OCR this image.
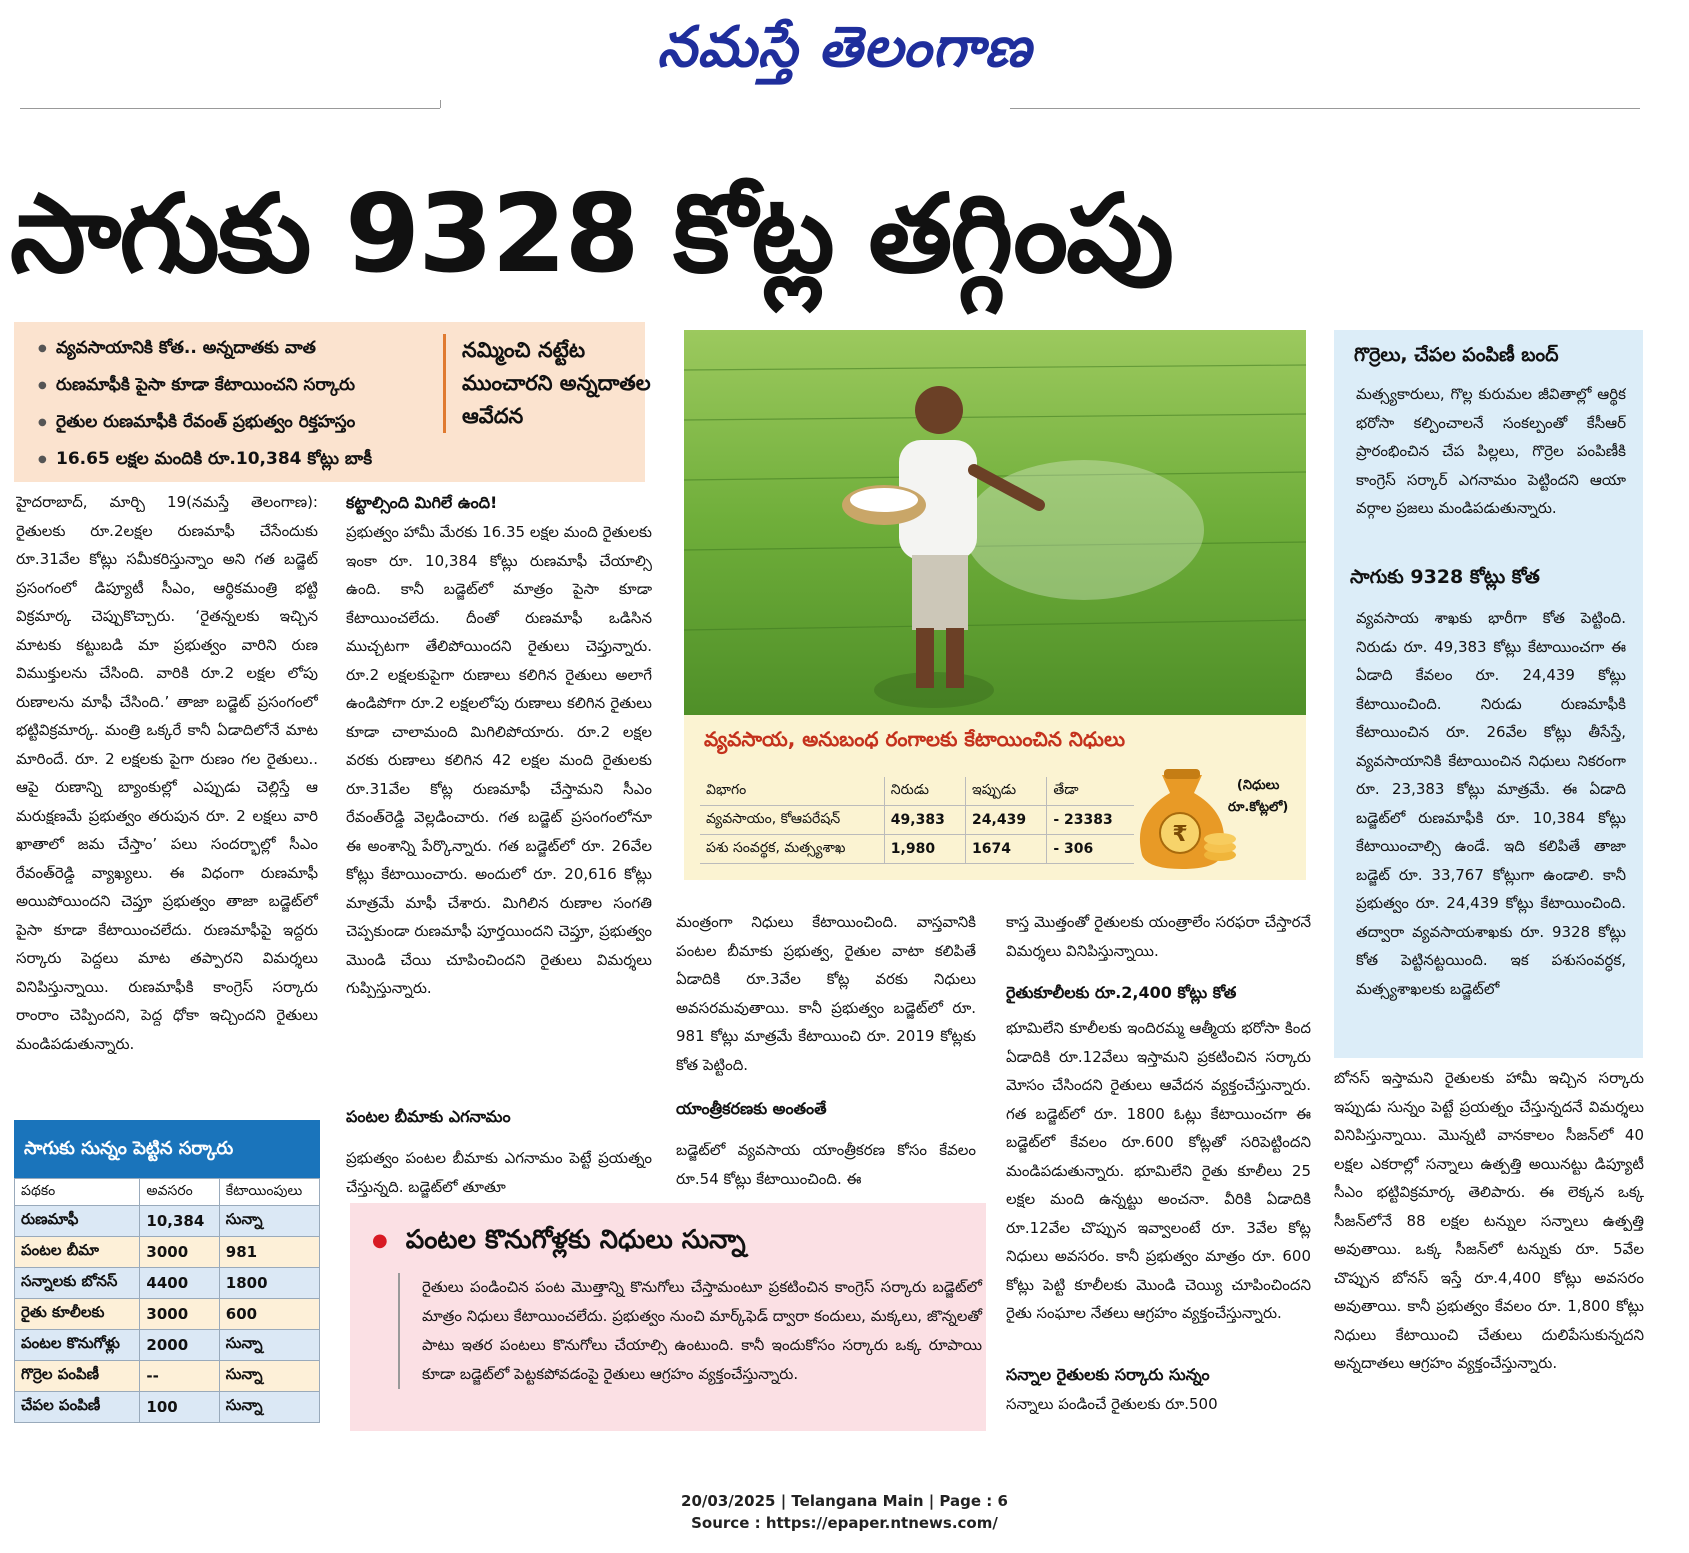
నమస్తే తెలంగాణ
సాగుకు 9328 కోట్ల తగ్గింపు
● వ్యవసాయానికి కోత.. అన్నదాతకు వాత
● రుణమాఫీకి పైసా కూడా కేటాయించని సర్కారు
● రైతుల రుణమాఫీకి రేవంత్ ప్రభుత్వం రిక్తహస్తం
● 16.65 లక్షల మందికి రూ.10,384 కోట్లు బాకీ
నమ్మించి నట్టేట ముంచారని అన్నదాతల ఆవేదన
హైదరాబాద్, మార్చి 19(నమస్తే తెలంగాణ): రైతులకు రూ.2లక్షల రుణమాఫీ చేసేందుకు రూ.31వేల కోట్లు సమీకరిస్తున్నాం అని గత బడ్జెట్ ప్రసంగంలో డిప్యూటీ సీఎం, ఆర్థికమంత్రి భట్టి విక్రమార్క చెప్పుకొచ్చారు. ‘రైతన్నలకు ఇచ్చిన మాటకు కట్టుబడి మా ప్రభుత్వం వారిని రుణ విముక్తులను చేసింది. వారికి రూ.2 లక్షల లోపు రుణాలను మాఫీ చేసింది.’ తాజా బడ్జెట్ ప్రసంగంలో భట్టివిక్రమార్క. మంత్రి ఒక్కరే కానీ ఏడాదిలోనే మాట మారిందే. రూ. 2 లక్షలకు పైగా రుణం గల రైతులు.. ఆపై రుణాన్ని బ్యాంకుల్లో ఎప్పుడు చెల్లిస్తే ఆ మరుక్షణమే ప్రభుత్వం తరుపున రూ. 2 లక్షలు వారి ఖాతాలో జమ చేస్తాం’ పలు సందర్భాల్లో సీఎం రేవంత్‌రెడ్డి వ్యాఖ్యలు. ఈ విధంగా రుణమాఫీ అయిపోయిందని చెప్తూ ప్రభుత్వం తాజా బడ్జెట్‌లో పైసా కూడా కేటాయించలేదు. రుణమాఫీపై ఇద్దరు సర్కారు పెద్దలు మాట తప్పారని విమర్శలు వినిపిస్తున్నాయి. రుణమాఫీకి కాంగ్రెస్ సర్కారు రాంరాం చెప్పిందని, పెద్ద ధోకా ఇచ్చిందని రైతులు మండిపడుతున్నారు.
కట్టాల్సింది మిగిలే ఉంది!
ప్రభుత్వం హామీ మేరకు 16.35 లక్షల మంది రైతులకు ఇంకా రూ. 10,384 కోట్లు రుణమాఫీ చేయాల్సి ఉంది. కానీ బడ్జెట్‌లో మాత్రం పైసా కూడా కేటాయించలేదు. దీంతో రుణమాఫీ ఒడిసిన ముచ్చటగా తేలిపోయిందని రైతులు చెప్తున్నారు. రూ.2 లక్షలకుపైగా రుణాలు కలిగిన రైతులు అలాగే ఉండిపోగా రూ.2 లక్షలలోపు రుణాలు కలిగిన రైతులు కూడా చాలామంది మిగిలిపోయారు. రూ.2 లక్షల వరకు రుణాలు కలిగిన 42 లక్షల మంది రైతులకు రూ.31వేల కోట్ల రుణమాఫీ చేస్తామని సీఎం రేవంత్‌రెడ్డి వెల్లడించారు. గత బడ్జెట్ ప్రసంగంలోనూ ఈ అంశాన్ని పేర్కొన్నారు. గత బడ్జెట్‌లో రూ. 26వేల కోట్లు కేటాయించారు. అందులో రూ. 20,616 కోట్లు మాత్రమే మాఫీ చేశారు. మిగిలిన రుణాల సంగతి చెప్పకుండా రుణమాఫీ పూర్తయిందని చెప్తూ, ప్రభుత్వం మొండి చేయి చూపించిందని రైతులు విమర్శలు గుప్పిస్తున్నారు.
పంటల బీమాకు ఎగనామం
ప్రభుత్వం పంటల బీమాకు ఎగనామం పెట్టే ప్రయత్నం చేస్తున్నది. బడ్జెట్‌లో తూతూ
వ్యవసాయ, అనుబంధ రంగాలకు కేటాయించిన నిధులు
విభాగం	నిరుడు	ఇప్పుడు	తేడా
వ్యవసాయం, కోఆపరేషన్	49,383	24,439	- 23383
పశు సంవర్థక, మత్స్యశాఖ	1,980	1674	- 306
₹
(నిధులు
రూ.కోట్లలో)
మంత్రంగా నిధులు కేటాయించింది. వాస్తవానికి పంటల బీమాకు ప్రభుత్వ, రైతుల వాటా కలిపితే ఏడాదికి రూ.3వేల కోట్ల వరకు నిధులు అవసరమవుతాయి. కానీ ప్రభుత్వం బడ్జెట్‌లో రూ. 981 కోట్లు మాత్రమే కేటాయించి రూ. 2019 కోట్లకు కోత పెట్టింది.
యాంత్రీకరణకు అంతంతే
బడ్జెట్‌లో వ్యవసాయ యాంత్రీకరణ కోసం కేవలం రూ.54 కోట్లు కేటాయించింది. ఈ
కాస్త మొత్తంతో రైతులకు యంత్రాలేం సరఫరా చేస్తారనే విమర్శలు వినిపిస్తున్నాయి.
రైతుకూలీలకు రూ.2,400 కోట్లు కోత
భూమిలేని కూలీలకు ఇందిరమ్మ ఆత్మీయ భరోసా కింద ఏడాదికి రూ.12వేలు ఇస్తామని ప్రకటించిన సర్కారు మోసం చేసిందని రైతులు ఆవేదన వ్యక్తంచేస్తున్నారు. గత బడ్జెట్‌లో రూ. 1800 ఓట్లు కేటాయించగా ఈ బడ్జెట్‌లో కేవలం రూ.600 కోట్లతో సరిపెట్టిందని మండిపడుతున్నారు. భూమిలేని రైతు కూలీలు 25 లక్షల మంది ఉన్నట్టు అంచనా. వీరికి ఏడాదికి రూ.12వేల చొప్పున ఇవ్వాలంటే రూ. 3వేల కోట్ల నిధులు అవసరం. కానీ ప్రభుత్వం మాత్రం రూ. 600 కోట్లు పెట్టి కూలీలకు మొండి చెయ్యి చూపించిందని రైతు సంఘాల నేతలు ఆగ్రహం వ్యక్తంచేస్తున్నారు.
సన్నాల రైతులకు సర్కారు సున్నం
సన్నాలు పండించే రైతులకు రూ.500
గొర్రెలు, చేపల పంపిణీ బంద్
మత్స్యకారులు, గొల్ల కురుమల జీవితాల్లో ఆర్థిక భరోసా కల్పించాలనే సంకల్పంతో కేసీఆర్ ప్రారంభించిన చేప పిల్లలు, గొర్రెల పంపిణీకి కాంగ్రెస్ సర్కార్ ఎగనామం పెట్టిందని ఆయా వర్గాల ప్రజలు మండిపడుతున్నారు.
సాగుకు 9328 కోట్లు కోత
వ్యవసాయ శాఖకు భారీగా కోత పెట్టింది. నిరుడు రూ. 49,383 కోట్లు కేటాయించగా ఈ ఏడాది కేవలం రూ. 24,439 కోట్లు కేటాయించింది. నిరుడు రుణమాఫీకి కేటాయించిన రూ. 26వేల కోట్లు తీసేస్తే, వ్యవసాయానికి కేటాయించిన నిధులు నికరంగా రూ. 23,383 కోట్లు మాత్రమే. ఈ ఏడాది బడ్జెట్‌లో రుణమాఫీకి రూ. 10,384 కోట్లు కేటాయించాల్సి ఉండే. ఇది కలిపితే తాజా బడ్జెట్ రూ. 33,767 కోట్లుగా ఉండాలి. కానీ ప్రభుత్వం రూ. 24,439 కోట్లు కేటాయించింది. తద్వారా వ్యవసాయశాఖకు రూ. 9328 కోట్లు కోత పెట్టినట్టయింది. ఇక పశుసంవర్ధక, మత్స్యశాఖలకు బడ్జెట్‌లో
బోనస్ ఇస్తామని రైతులకు హామీ ఇచ్చిన సర్కారు ఇప్పుడు సున్నం పెట్టే ప్రయత్నం చేస్తున్నదనే విమర్శలు వినిపిస్తున్నాయి. మొన్నటి వానకాలం సీజన్‌లో 40 లక్షల ఎకరాల్లో సన్నాలు ఉత్పత్తి అయినట్టు డిప్యూటీ సీఎం భట్టివిక్రమార్క తెలిపారు. ఈ లెక్కన ఒక్క సీజన్‌లోనే 88 లక్షల టన్నుల సన్నాలు ఉత్పత్తి అవుతాయి. ఒక్క సీజన్‌లో టన్నుకు రూ. 5వేల చొప్పున బోనస్ ఇస్తే రూ.4,400 కోట్లు అవసరం అవుతాయి. కానీ ప్రభుత్వం కేవలం రూ. 1,800 కోట్లు నిధులు కేటాయించి చేతులు దులిపేసుకున్నదని అన్నదాతలు ఆగ్రహం వ్యక్తంచేస్తున్నారు.
సాగుకు సున్నం పెట్టిన సర్కారు
పథకం	అవసరం	కేటాయింపులు
రుణమాఫీ	10,384	సున్నా
పంటల బీమా	3000	981
సన్నాలకు బోనస్	4400	1800
రైతు కూలీలకు	3000	600
పంటల కొనుగోళ్లు	2000	సున్నా
గొర్రెల పంపిణీ	--	సున్నా
చేపల పంపిణీ	100	సున్నా
● పంటల కొనుగోళ్లకు నిధులు సున్నా
రైతులు పండించిన పంట మొత్తాన్ని కొనుగోలు చేస్తామంటూ ప్రకటించిన కాంగ్రెస్ సర్కారు బడ్జెట్‌లో మాత్రం నిధులు కేటాయించలేదు. ప్రభుత్వం నుంచి మార్క్‌ఫెడ్ ద్వారా కందులు, మక్కలు, జొన్నలతో పాటు ఇతర పంటలు కొనుగోలు చేయాల్సి ఉంటుంది. కానీ ఇందుకోసం సర్కారు ఒక్క రూపాయి కూడా బడ్జెట్‌లో పెట్టకపోవడంపై రైతులు ఆగ్రహం వ్యక్తంచేస్తున్నారు.
20/03/2025 | Telangana Main | Page : 6
Source : https://epaper.ntnews.com/
